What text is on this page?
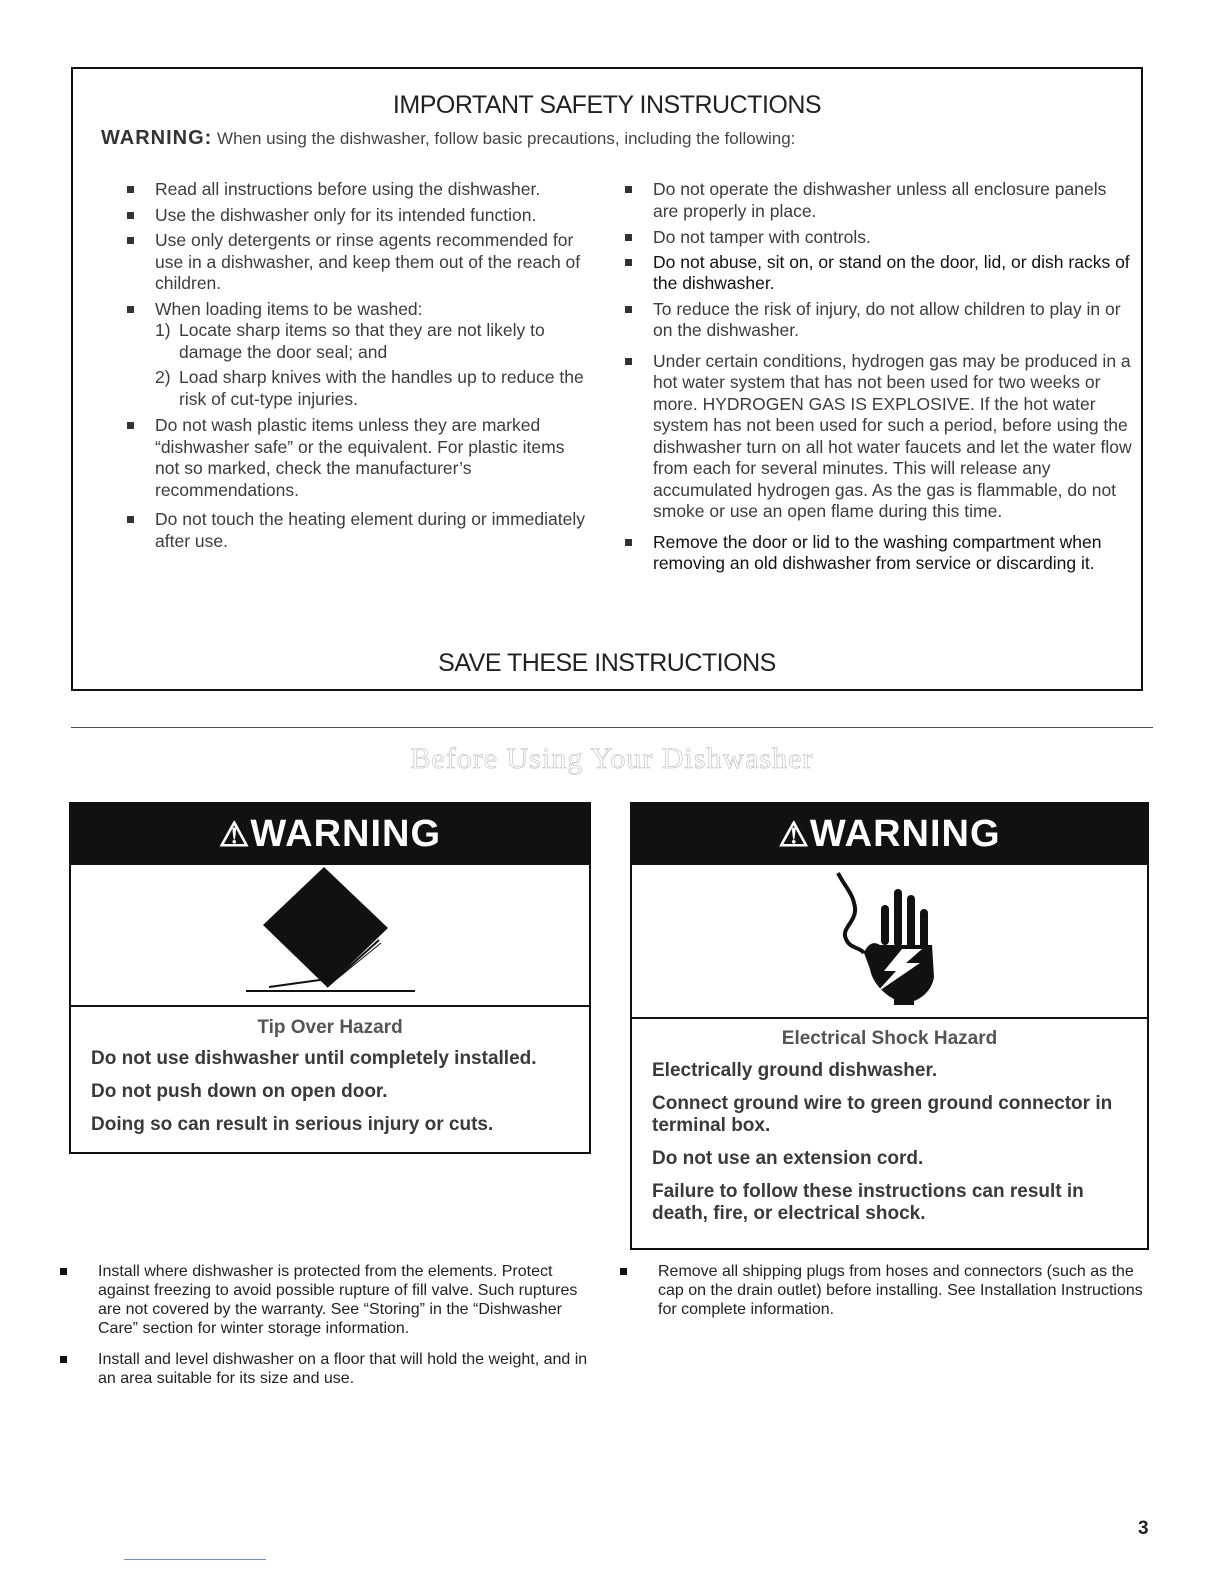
IMPORTANT SAFETY INSTRUCTIONS
WARNING: When using the dishwasher, follow basic precautions, including the following:
Read all instructions before using the dishwasher.
Use the dishwasher only for its intended function.
Use only detergents or rinse agents recommended for use in a dishwasher, and keep them out of the reach of children.
When loading items to be washed:
1) Locate sharp items so that they are not likely to damage the door seal; and
2) Load sharp knives with the handles up to reduce the risk of cut-type injuries.
Do not wash plastic items unless they are marked “dishwasher safe” or the equivalent. For plastic items not so marked, check the manufacturer’s recommendations.
Do not touch the heating element during or immediately after use.
Do not operate the dishwasher unless all enclosure panels are properly in place.
Do not tamper with controls.
Do not abuse, sit on, or stand on the door, lid, or dish racks of the dishwasher.
To reduce the risk of injury, do not allow children to play in or on the dishwasher.
Under certain conditions, hydrogen gas may be produced in a hot water system that has not been used for two weeks or more. HYDROGEN GAS IS EXPLOSIVE. If the hot water system has not been used for such a period, before using the dishwasher turn on all hot water faucets and let the water flow from each for several minutes. This will release any accumulated hydrogen gas. As the gas is flammable, do not smoke or use an open flame during this time.
Remove the door or lid to the washing compartment when removing an old dishwasher from service or discarding it.
SAVE THESE INSTRUCTIONS
Before Using Your Dishwasher
⚠WARNING
Tip Over Hazard

Do not use dishwasher until completely installed.

Do not push down on open door.

Doing so can result in serious injury or cuts.

⚠WARNING
Electrical Shock Hazard

Electrically ground dishwasher.

Connect ground wire to green ground connector in terminal box.

Do not use an extension cord.

Failure to follow these instructions can result in death, fire, or electrical shock.

Install where dishwasher is protected from the elements. Protect against freezing to avoid possible rupture of fill valve. Such ruptures are not covered by the warranty. See “Storing” in the “Dishwasher Care” section for winter storage information.
Install and level dishwasher on a floor that will hold the weight, and in an area suitable for its size and use.
Remove all shipping plugs from hoses and connectors (such as the cap on the drain outlet) before installing. See Installation Instructions for complete information.
3
